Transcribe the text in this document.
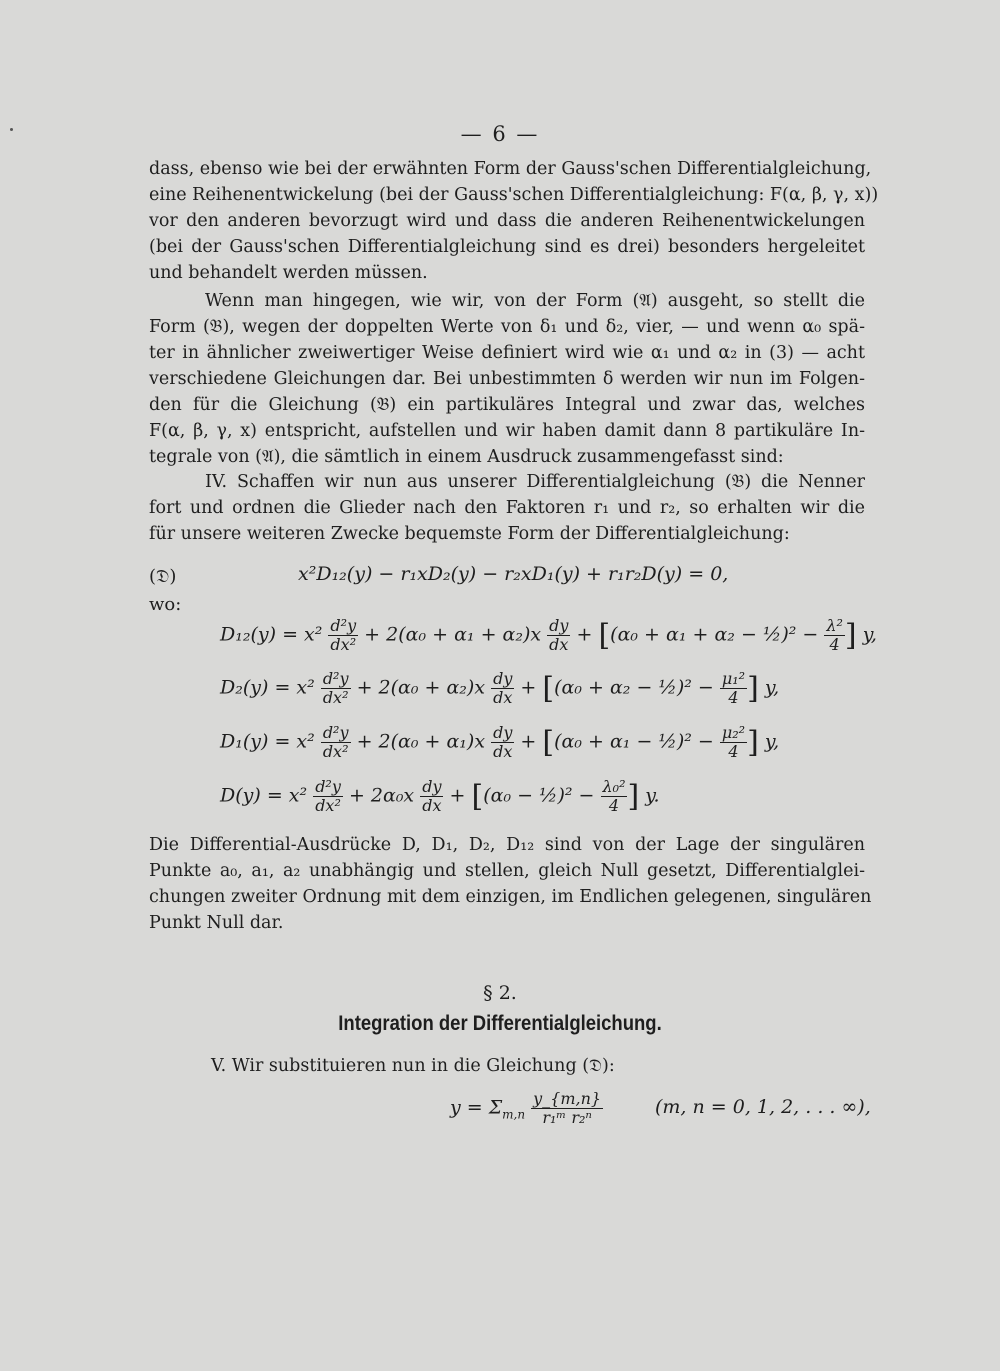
— 6 —
dass, ebenso wie bei der erwähnten Form der Gauss'schen Differentialgleichung,
eine Reihenentwickelung (bei der Gauss'schen Differentialgleichung: F(α, β, γ, x))
vor den anderen bevorzugt wird und dass die anderen Reihenentwickelungen
(bei der Gauss'schen Differentialgleichung sind es drei) besonders hergeleitet
und behandelt werden müssen.
Wenn man hingegen, wie wir, von der Form (𝔄) ausgeht, so stellt die
Form (𝔅), wegen der doppelten Werte von δ₁ und δ₂, vier, — und wenn α₀ spä-
ter in ähnlicher zweiwertiger Weise definiert wird wie α₁ und α₂ in (3) — acht
verschiedene Gleichungen dar. Bei unbestimmten δ werden wir nun im Folgen-
den für die Gleichung (𝔅) ein partikuläres Integral und zwar das, welches
F(α, β, γ, x) entspricht, aufstellen und wir haben damit dann 8 partikuläre In-
tegrale von (𝔄), die sämtlich in einem Ausdruck zusammengefasst sind:
IV. Schaffen wir nun aus unserer Differentialgleichung (𝔅) die Nenner
fort und ordnen die Glieder nach den Faktoren r₁ und r₂, so erhalten wir die
für unsere weiteren Zwecke bequemste Form der Differentialgleichung:
(𝔇)	x²D₁₂(y) − r₁xD₂(y) − r₂xD₁(y) + r₁r₂D(y) = 0,
wo:
$D_{12}(y) = x^2 \frac{\text{d²y}}{\text{dx²}} + 2(\alpha_0 + \alpha_1 + \alpha_2)x \frac{dy}{dx} + [(\alpha_0 + \alpha_1 + \alpha_2$ − ½)² − $\frac{\text{λ²}}{4}$ ] y,
$D_2(y) = x^2 \frac{\text{d²y}}{\text{dx²}} + 2(\alpha_0 + \alpha_2)x \frac{dy}{dx} + [(\alpha_0 + \alpha_2$ − ½)² − $\frac{\text{μ₁²}}{4}$ ] y,
$D_1(y) = x^2 \frac{\text{d²y}}{\text{dx²}} + 2(\alpha_0 + \alpha_1)x \frac{dy}{dx} + [(\alpha_0 + \alpha_1$ − ½)² − $\frac{\text{μ₂²}}{4}$ ] y,
$D(y) = x^2 \frac{\text{d²y}}{\text{dx²}} + 2\alpha_0x \frac{dy}{dx} + [(\alpha_0$ − ½)² − $\frac{\text{λ₀²}}{4}$ ] y.
Die Differential-Ausdrücke D, D₁, D₂, D₁₂ sind von der Lage der singulären
Punkte a₀, a₁, a₂ unabhängig und stellen, gleich Null gesetzt, Differentialglei-
chungen zweiter Ordnung mit dem einzigen, im Endlichen gelegenen, singulären
Punkt Null dar.
§ 2.
Integration der Differentialgleichung.
V. Wir substituieren nun in die Gleichung (𝔇):
$y = \Sigma_{m,n} \frac{y\_\{m,n\}}{\text{r₁ᵐ r₂ⁿ}}$	(m, n = 0, 1, 2, . . . ∞),
